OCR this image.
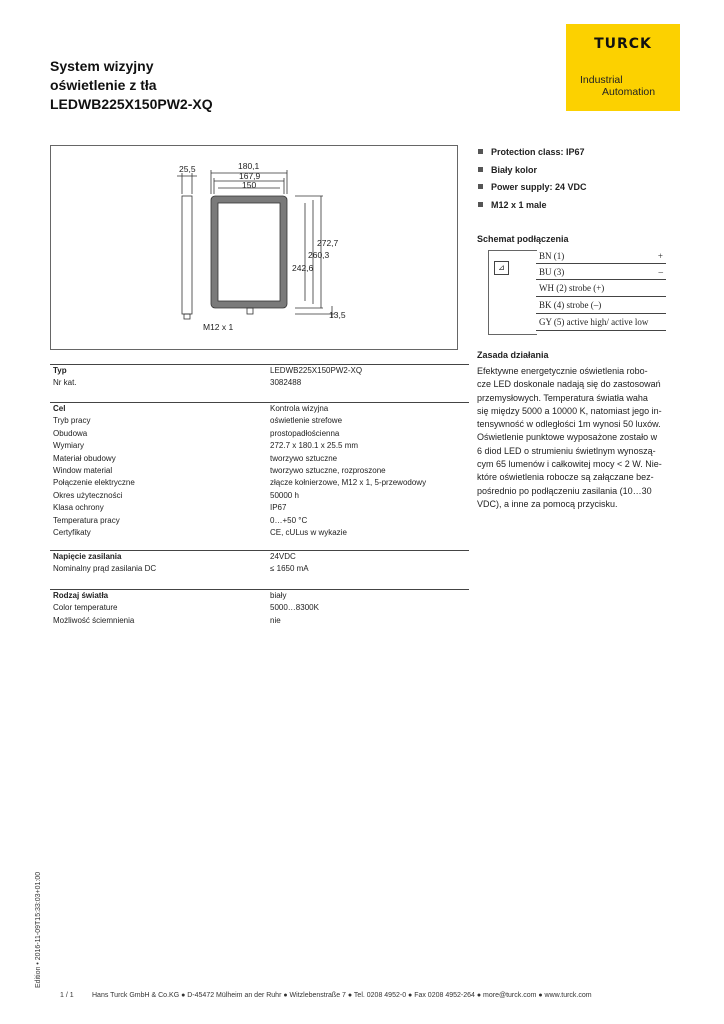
System wizyjny
oświetlenie z tła
LEDWB225X150PW2-XQ
TURCK
Industrial
Automation
180,1
167,9
150
25,5
272,7
260,3
242,6
13,5
M12 x 1
Protection class: IP67
Biały kolor
Power supply: 24 VDC
M12 x 1 male
Schemat podłączenia
⊿
BN (1)	+
BU (3)	–
WH (2) strobe (+)
BK (4) strobe (–)
GY (5) active high/ active low
Zasada działania
Efektywne energetycznie oświetlenia robo-
cze LED doskonale nadają się do zastosowań
przemysłowych. Temperatura światła waha
się między 5000 a 10000 K, natomiast jego in-
tensywność w odległości 1m wynosi 50 luxów.
Oświetlenie punktowe wyposażone zostało w
6 diod LED o strumieniu świetlnym wynoszą-
cym 65 lumenów i całkowitej mocy < 2 W. Nie-
które oświetlenia robocze są załączane bez-
pośrednio po podłączeniu zasilania (10…30
VDC), a inne za pomocą przycisku.
Typ	LEDWB225X150PW2-XQ
Nr kat.	3082488
Cel	Kontrola wizyjna
Tryb pracy	oświetlenie strefowe
Obudowa	prostopadłościenna
Wymiary	272.7 x 180.1 x 25.5 mm
Materiał obudowy	tworzywo sztuczne
Window material	tworzywo sztuczne, rozproszone
Połączenie elektryczne	złącze kołnierzowe, M12 x 1, 5-przewodowy
Okres użyteczności	50000 h
Klasa ochrony	IP67
Temperatura pracy	0…+50 °C
Certyfikaty	CE, cULus w wykazie
Napięcie zasilania	24VDC
Nominalny prąd zasilania DC	≤ 1650 mA
Rodzaj światła	biały
Color temperature	5000…8300K
Możliwość ściemnienia	nie
Edition • 2016-11-09T15:33:03+01:00
1 / 1	Hans Turck GmbH & Co.KG ● D-45472 Mülheim an der Ruhr ● Witzlebenstraße 7 ● Tel. 0208 4952-0 ● Fax 0208 4952-264 ● more@turck.com ● www.turck.com
